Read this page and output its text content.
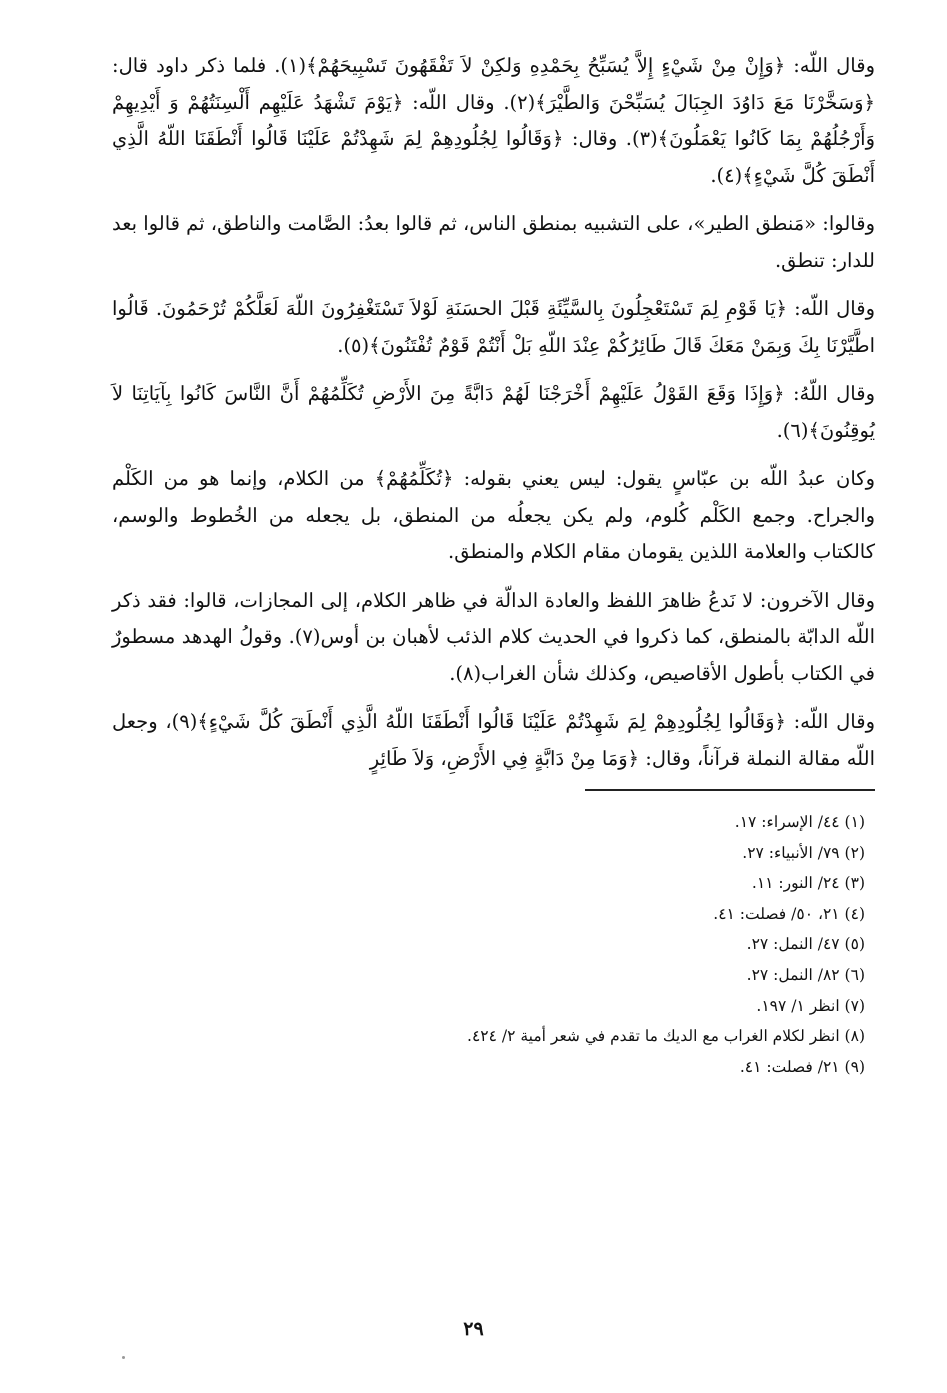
وقال اللّه: ﴿وَإِنْ مِنْ شَيْءٍ إِلاَّ يُسَبِّحُ بِحَمْدِهِ وَلكِنْ لاَ تَفْقَهُونَ تَسْبِيحَهُمْ﴾(١). فلما ذكر داود قال: ﴿وَسَخَّرْنَا مَعَ دَاوُدَ الجِبَالَ يُسَبِّحْنَ وَالطَّيْرَ﴾(٢). وقال اللّه: ﴿يَوْمَ تَشْهَدُ عَلَيْهِم أَلْسِنَتُهُمْ وَ أَيْدِيهِمْ وَأَرْجُلُهُمْ بِمَا كَانُوا يَعْمَلُونَ﴾(٣). وقال: ﴿وَقَالُوا لِجُلُودِهِمْ لِمَ شَهِدْتُمْ عَلَيْنَا قَالُوا أَنْطَقَنَا اللّهُ الَّذِي أَنْطَقَ كُلَّ شَيْءٍ﴾(٤).

وقالوا: «مَنطق الطير»، على التشبيه بمنطق الناس، ثم قالوا بعدُ: الصَّامت والناطق، ثم قالوا بعد للدار: تنطق.

وقال اللّه: ﴿يَا قَوْمِ لِمَ تَسْتَعْجِلُونَ بِالسَّيِّئَةِ قَبْلَ الحسَنَةِ لَوْلاَ تَسْتَغْفِرُونَ اللّهَ لَعَلَّكُمْ تُرْحَمُونَ. قَالُوا اطَّيَّرْنَا بِكَ وَبِمَنْ مَعَكَ قَالَ طَائِرُكُمْ عِنْدَ اللّهِ بَلْ أَنْتُمْ قَوْمٌ تُفْتَنُونَ﴾(٥).

وقال اللّهُ: ﴿وَإِذَا وَقَعَ القَوْلُ عَلَيْهِمْ أَخْرَجْنَا لَهُمْ دَابَّةً مِنَ الأَرْضِ تُكَلِّمُهُمْ أَنَّ النَّاسَ كَانُوا بِآيَاتِنَا لاَ يُوقِنُونَ﴾(٦).

وكان عبدُ اللّه بن عبّاسٍ يقول: ليس يعني بقوله: ﴿تُكَلِّمُهُمْ﴾ من الكلام، وإنما هو من الكَلْم والجراح. وجمع الكَلْم كُلوم، ولم يكن يجعلُه من المنطق، بل يجعله من الخُطوط والوسم، كالكتاب والعلامة اللذين يقومان مقام الكلام والمنطق.

وقال الآخرون: لا نَدعُ ظاهرَ اللفظ والعادة الدالّة في ظاهر الكلام، إلى المجازات، قالوا: فقد ذكر اللّه الدابّة بالمنطق، كما ذكروا في الحديث كلام الذئب لأهبان بن أوس(٧). وقولُ الهدهد مسطورٌ في الكتاب بأطول الأقاصيص، وكذلك شأن الغراب(٨).

وقال اللّه: ﴿وَقَالُوا لِجُلُودِهِمْ لِمَ شَهِدْتُمْ عَلَيْنَا قَالُوا أَنْطَقَنَا اللّهُ الَّذِي أَنْطَقَ كُلَّ شَيْءٍ﴾(٩)، وجعل اللّه مقالة النملة قرآناً، وقال: ﴿وَمَا مِنْ دَابَّةٍ فِي الأَرْضِ، وَلاَ طَائِرٍ

(١) ٤٤/ الإسراء: ١٧.
(٢) ٧٩/ الأنبياء: ٢٧.
(٣) ٢٤/ النور: ١١.
(٤) ٢١، ٥٠/ فصلت: ٤١.
(٥) ٤٧/ النمل: ٢٧.
(٦) ٨٢/ النمل: ٢٧.
(٧) انظر ١/ ١٩٧.
(٨) انظر لكلام الغراب مع الديك ما تقدم في شعر أمية ٢/ ٤٢٤.
(٩) ٢١/ فصلت: ٤١.
٢٩
